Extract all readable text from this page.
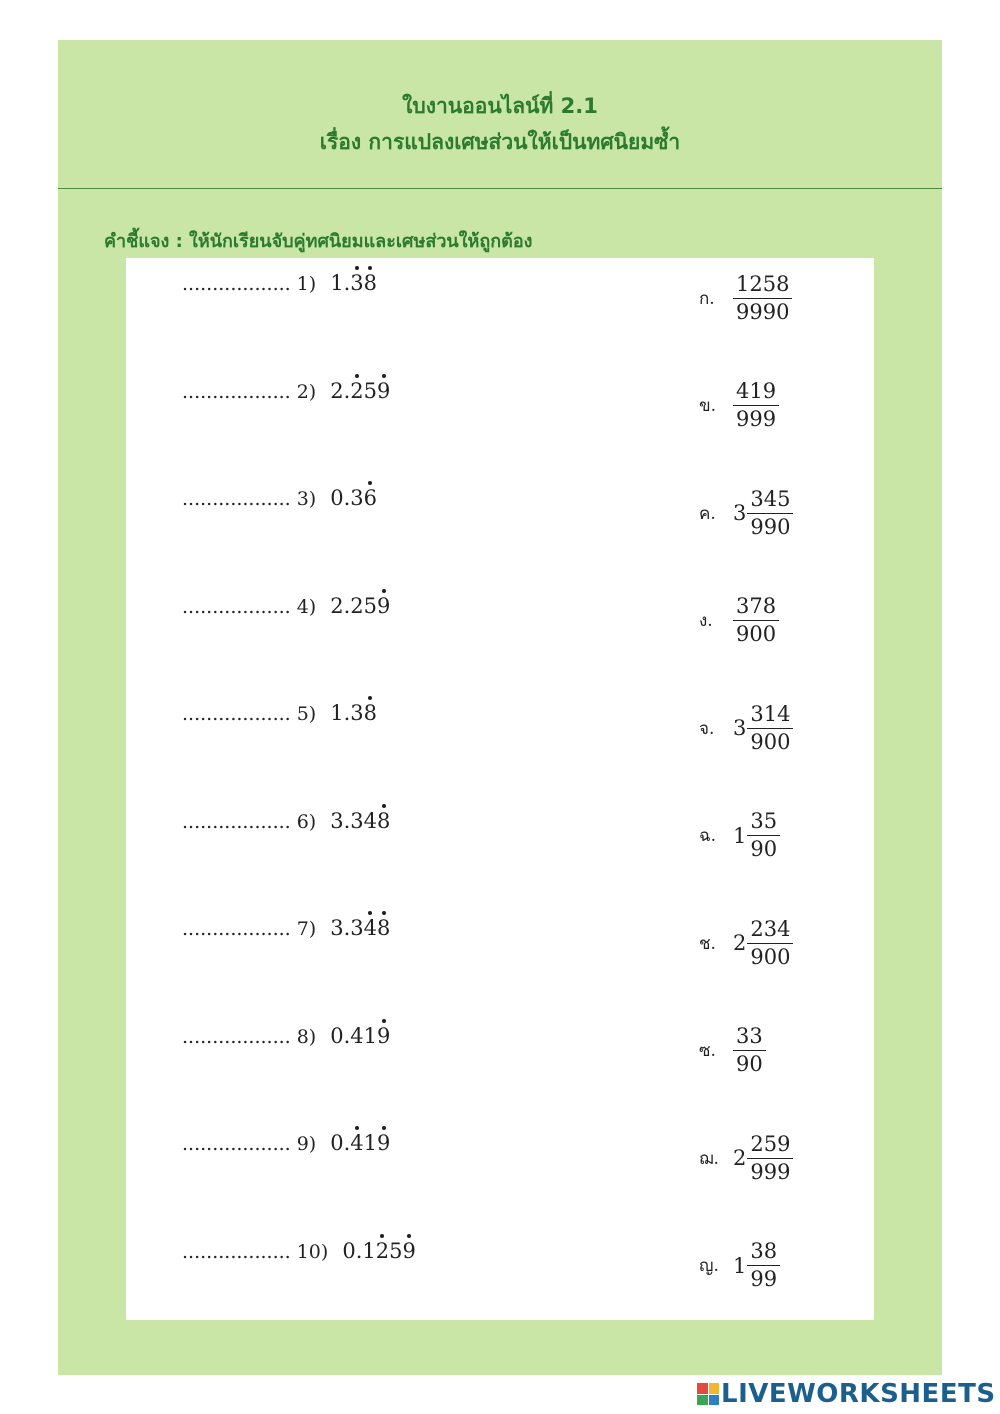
ใบงานออนไลน์ที่ 2.1
เรื่อง การแปลงเศษส่วนให้เป็นทศนิยมซ้ำ
คำชี้แจง : ให้นักเรียนจับคู่ทศนิยมและเศษส่วนให้ถูกต้อง
.................. 1) 1.38
ก. $\frac{1258}{9990}$
.................. 2) 2.259
ข. $\frac{419}{999}$
.................. 3) 0.36
ค. $3 \frac{345}{990}$
.................. 4) 2.259
ง. $\frac{378}{900}$
.................. 5) 1.38
จ. $3 \frac{314}{900}$
.................. 6) 3.348
ฉ. $1 \frac{35}{90}$
.................. 7) 3.348
ช. $2 \frac{234}{900}$
.................. 8) 0.419
ซ. $\frac{33}{90}$
.................. 9) 0.419
ฌ. $2 \frac{259}{999}$
.................. 10) 0.1259
ญ. $1 \frac{38}{99}$
LIVEWORKSHEETS
